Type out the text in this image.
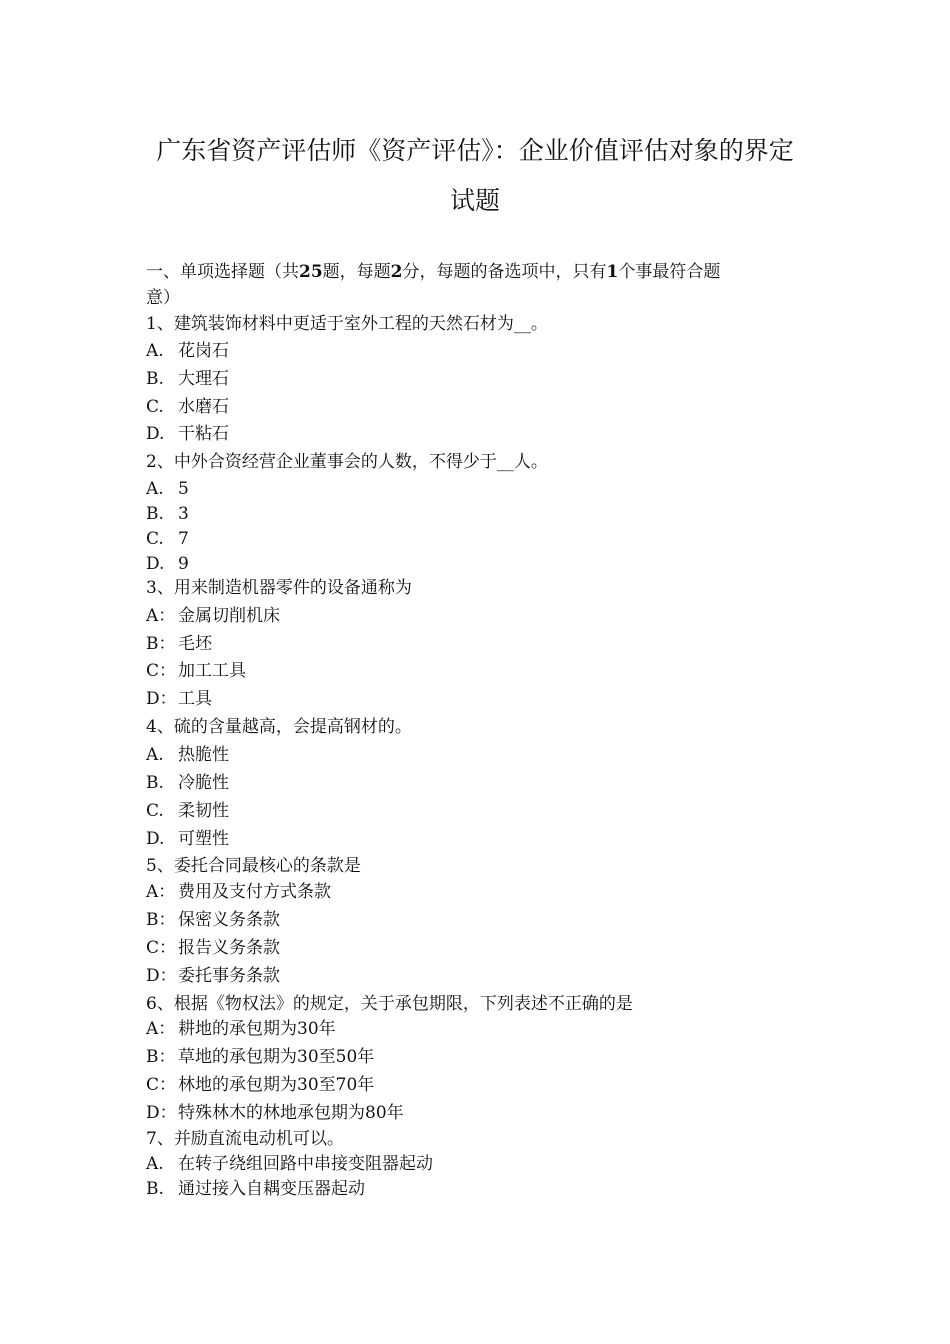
广东省资产评估师《资产评估》：企业价值评估对象的界定
试题
一、单项选择题（共25题，每题2分，每题的备选项中，只有1个事最符合题
意）
1、建筑装饰材料中更适于室外工程的天然石材为__。
A. 花岗石
B. 大理石
C. 水磨石
D. 干粘石
2、中外合资经营企业董事会的人数，不得少于__人。
A. 5
B. 3
C. 7
D. 9
3、用来制造机器零件的设备通称为
A： 金属切削机床
B： 毛坯
C： 加工工具
D：工具
4、硫的含量越高，会提高钢材的。
A. 热脆性
B. 冷脆性
C. 柔韧性
D. 可塑性
5、委托合同最核心的条款是
A： 费用及支付方式条款
B： 保密义务条款
C： 报告义务条款
D：委托事务条款
6、根据《物权法》的规定，关于承包期限，下列表述不正确的是
A： 耕地的承包期为30年
B： 草地的承包期为30至50年
C： 林地的承包期为30至70年
D：特殊林木的林地承包期为80年
7、并励直流电动机可以。
A. 在转子绕组回路中串接变阻器起动
B. 通过接入自耦变压器起动
